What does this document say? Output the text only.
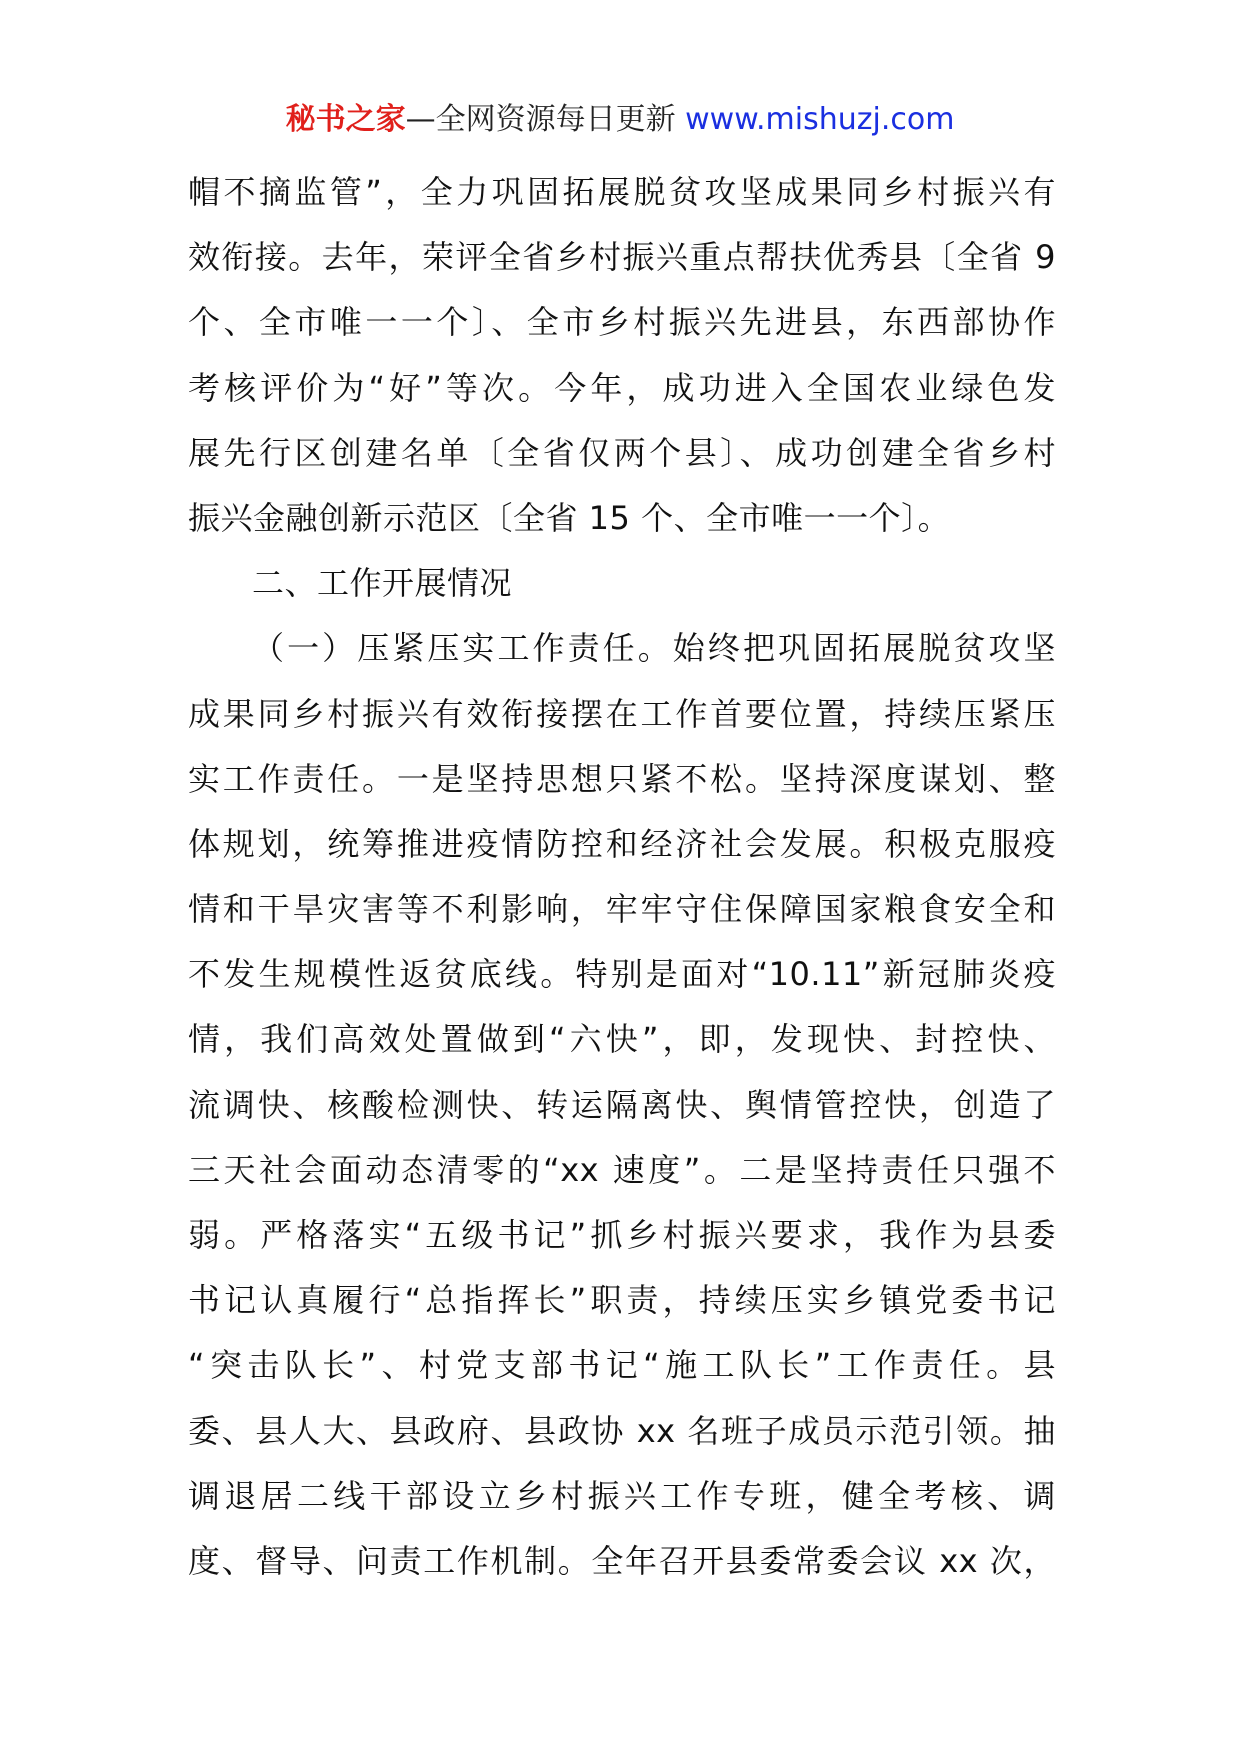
秘书之家—全网资源每日更新 www.mishuzj.com
帽不摘监管”，全力巩固拓展脱贫攻坚成果同乡村振兴有
效衔接。去年，荣评全省乡村振兴重点帮扶优秀县〔全省 9
个、全市唯一一个〕、全市乡村振兴先进县，东西部协作
考核评价为“好”等次。今年，成功进入全国农业绿色发
展先行区创建名单〔全省仅两个县〕、成功创建全省乡村
振兴金融创新示范区〔全省 15 个、全市唯一一个〕。
二、工作开展情况
（一）压紧压实工作责任。始终把巩固拓展脱贫攻坚
成果同乡村振兴有效衔接摆在工作首要位置，持续压紧压
实工作责任。一是坚持思想只紧不松。坚持深度谋划、整
体规划，统筹推进疫情防控和经济社会发展。积极克服疫
情和干旱灾害等不利影响，牢牢守住保障国家粮食安全和
不发生规模性返贫底线。特别是面对“10.11”新冠肺炎疫
情，我们高效处置做到“六快”，即，发现快、封控快、
流调快、核酸检测快、转运隔离快、舆情管控快，创造了
三天社会面动态清零的“xx 速度”。二是坚持责任只强不
弱。严格落实“五级书记”抓乡村振兴要求，我作为县委
书记认真履行“总指挥长”职责，持续压实乡镇党委书记
“突击队长”、村党支部书记“施工队长”工作责任。县
委、县人大、县政府、县政协 xx 名班子成员示范引领。抽
调退居二线干部设立乡村振兴工作专班，健全考核、调
度、督导、问责工作机制。全年召开县委常委会议 xx 次，
